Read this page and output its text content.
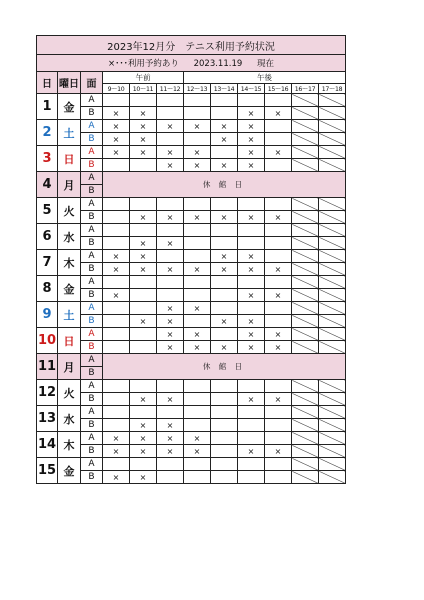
2023年12月分　テニス利用予約状況											
×･･･利用予約あり 2023.11.19 現在											
日	曜日	面	午前			午後					
			9～10	10～11	11～12	12～13	13～14	14～15	15～16	16～17	17～18
1	金	A									
		B	×	×				×	×		
2	土	A	×	×	×	×	×	×			
		B	×	×			×	×			
3	日	A	×	×	×	×		×	×		
		B			×	×	×	×			
4	月	A	休 館 日								
		B									
5	火	A									
		B		×	×	×	×	×	×		
6	水	A									
		B		×	×						
7	木	A	×	×			×	×			
		B	×	×	×	×	×	×	×		
8	金	A									
		B	×					×	×		
9	土	A			×	×					
		B		×	×		×	×			
10	日	A			×	×		×	×		
		B			×	×	×	×	×		
11	月	A	休 館 日								
		B									
12	火	A									
		B		×	×			×	×		
13	水	A									
		B		×	×						
14	木	A	×	×	×	×					
		B	×	×	×	×		×	×		
15	金	A									
		B	×	×							
